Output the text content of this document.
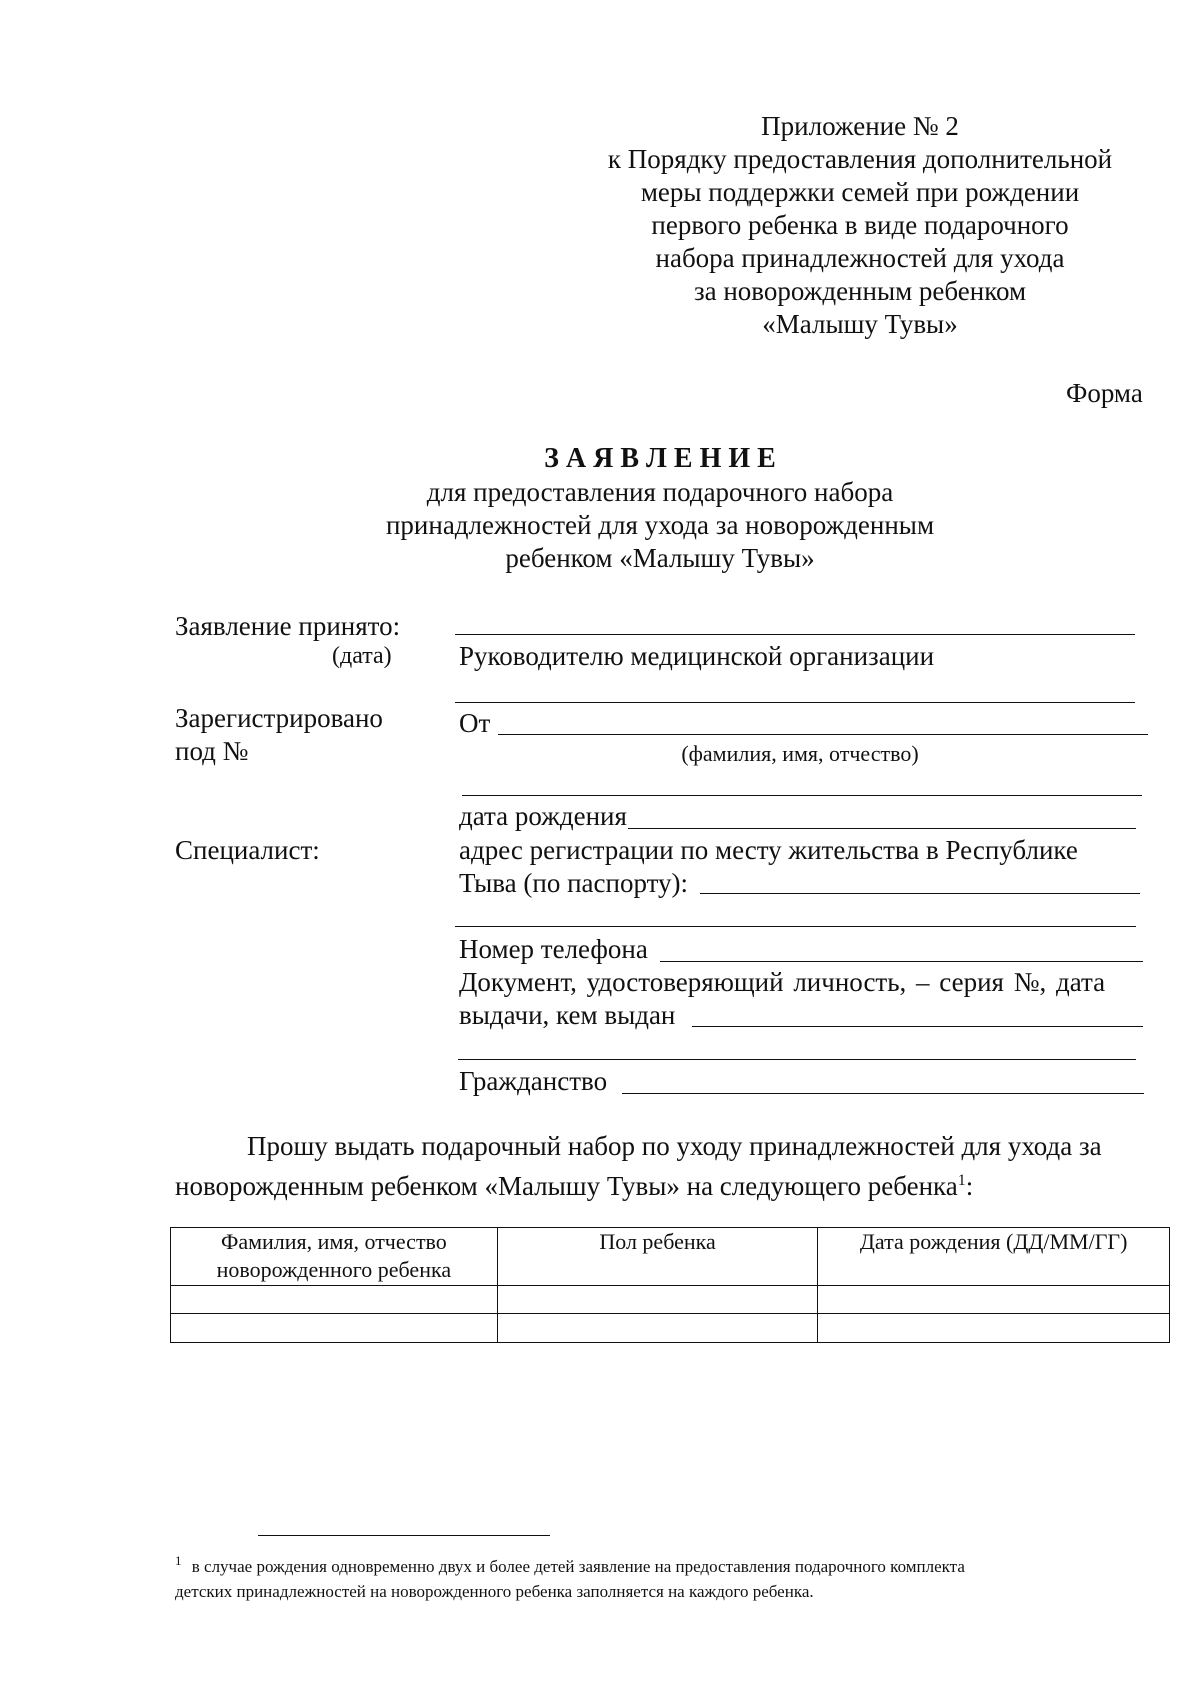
Приложение № 2
к Порядку предоставления дополнительной
меры поддержки семей при рождении
первого ребенка в виде подарочного
набора принадлежностей для ухода
за новорожденным ребенком
«Малышу Тувы»
Форма
З А Я В Л Е Н И Е
для предоставления подарочного набора
принадлежностей для ухода за новорожденным
ребенком «Малышу Тувы»
Заявление принято:
(дата)
Зарегистрировано
под №
Специалист:
Руководителю медицинской организации
От
(фамилия, имя, отчество)
дата рождения
адрес регистрации по месту жительства в Республике
Тыва (по паспорту):
Номер телефона
Документ, удостоверяющий личность, – серия №, дата
выдачи, кем выдан
Гражданство
Прошу выдать подарочный набор по уходу принадлежностей для ухода за
новорожденным ребенком «Малышу Тувы» на следующего ребенка$^1$:
Фамилия, имя, отчество
новорожденного ребенка	Пол ребенка	Дата рождения (ДД/ММ/ГГ)

$^1$ в случае рождения одновременно двух и более детей заявление на предоставления подарочного комплекта
детских принадлежностей на новорожденного ребенка заполняется на каждого ребенка.
